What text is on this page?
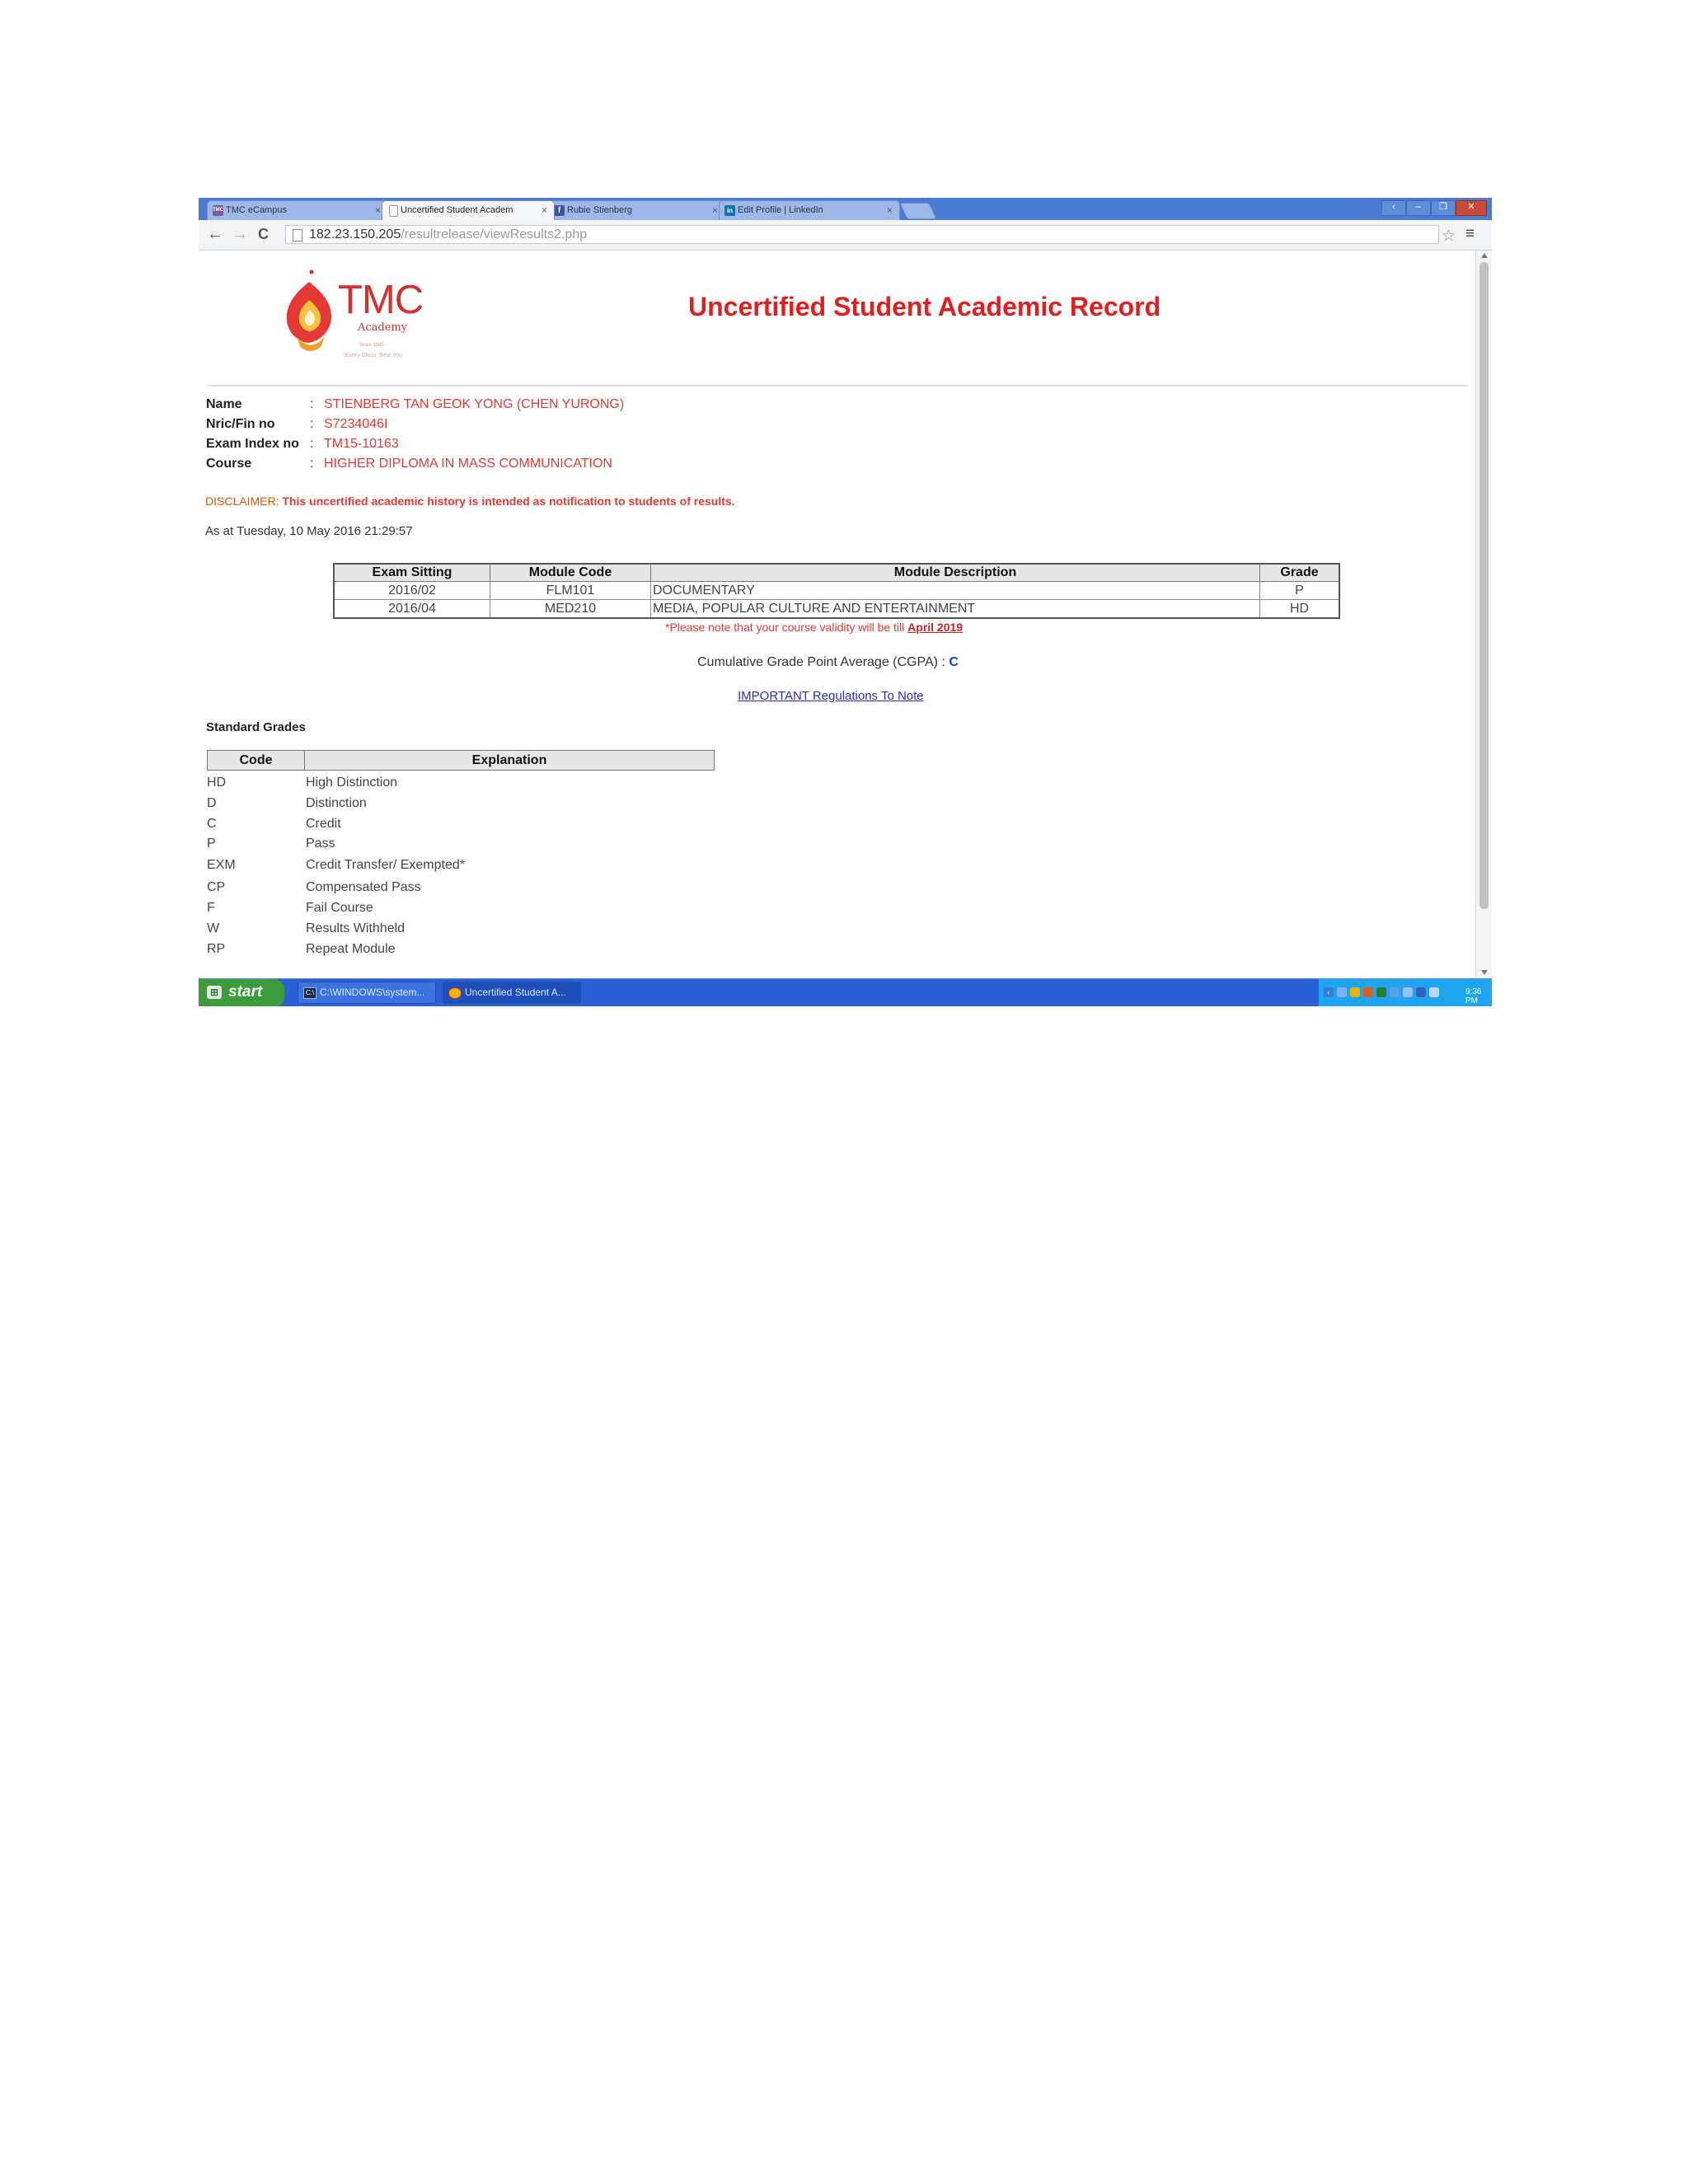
TMC TMC eCampus	×	Uncertified Student Academ	×	f Rubie Stienberg	×	in Edit Profile | LinkedIn	×	‹	–	❐	✕
← → C	182.23.150.205/resultrelease/viewResults2.php	☆ ≡
TMC
Academy
Since 1989
Every Class, Best You
Uncertified Student Academic Record
Name	: STIENBERG TAN GEOK YONG (CHEN YURONG)
Nric/Fin no	: S7234046I
Exam Index no : TM15-10163
Course	: HIGHER DIPLOMA IN MASS COMMUNICATION
DISCLAIMER: This uncertified academic history is intended as notification to students of results.
As at Tuesday, 10 May 2016 21:29:57
Exam Sitting	Module Code	Module Description	Grade
2016/02	FLM101	DOCUMENTARY	P
2016/04	MED210	MEDIA, POPULAR CULTURE AND ENTERTAINMENT	HD
*Please note that your course validity will be till April 2019
Cumulative Grade Point Average (CGPA) : C
IMPORTANT Regulations To Note
Standard Grades
Code	Explanation
HD	High Distinction
D	Distinction
C	Credit
P	Pass
EXM	Credit Transfer/ Exempted*
CP	Compensated Pass
F	Fail Course
W	Results Withheld
RP	Repeat Module
⊞ start	C:\ C:\WINDOWS\system...	Uncertified Student A...	‹	9:36 PM
